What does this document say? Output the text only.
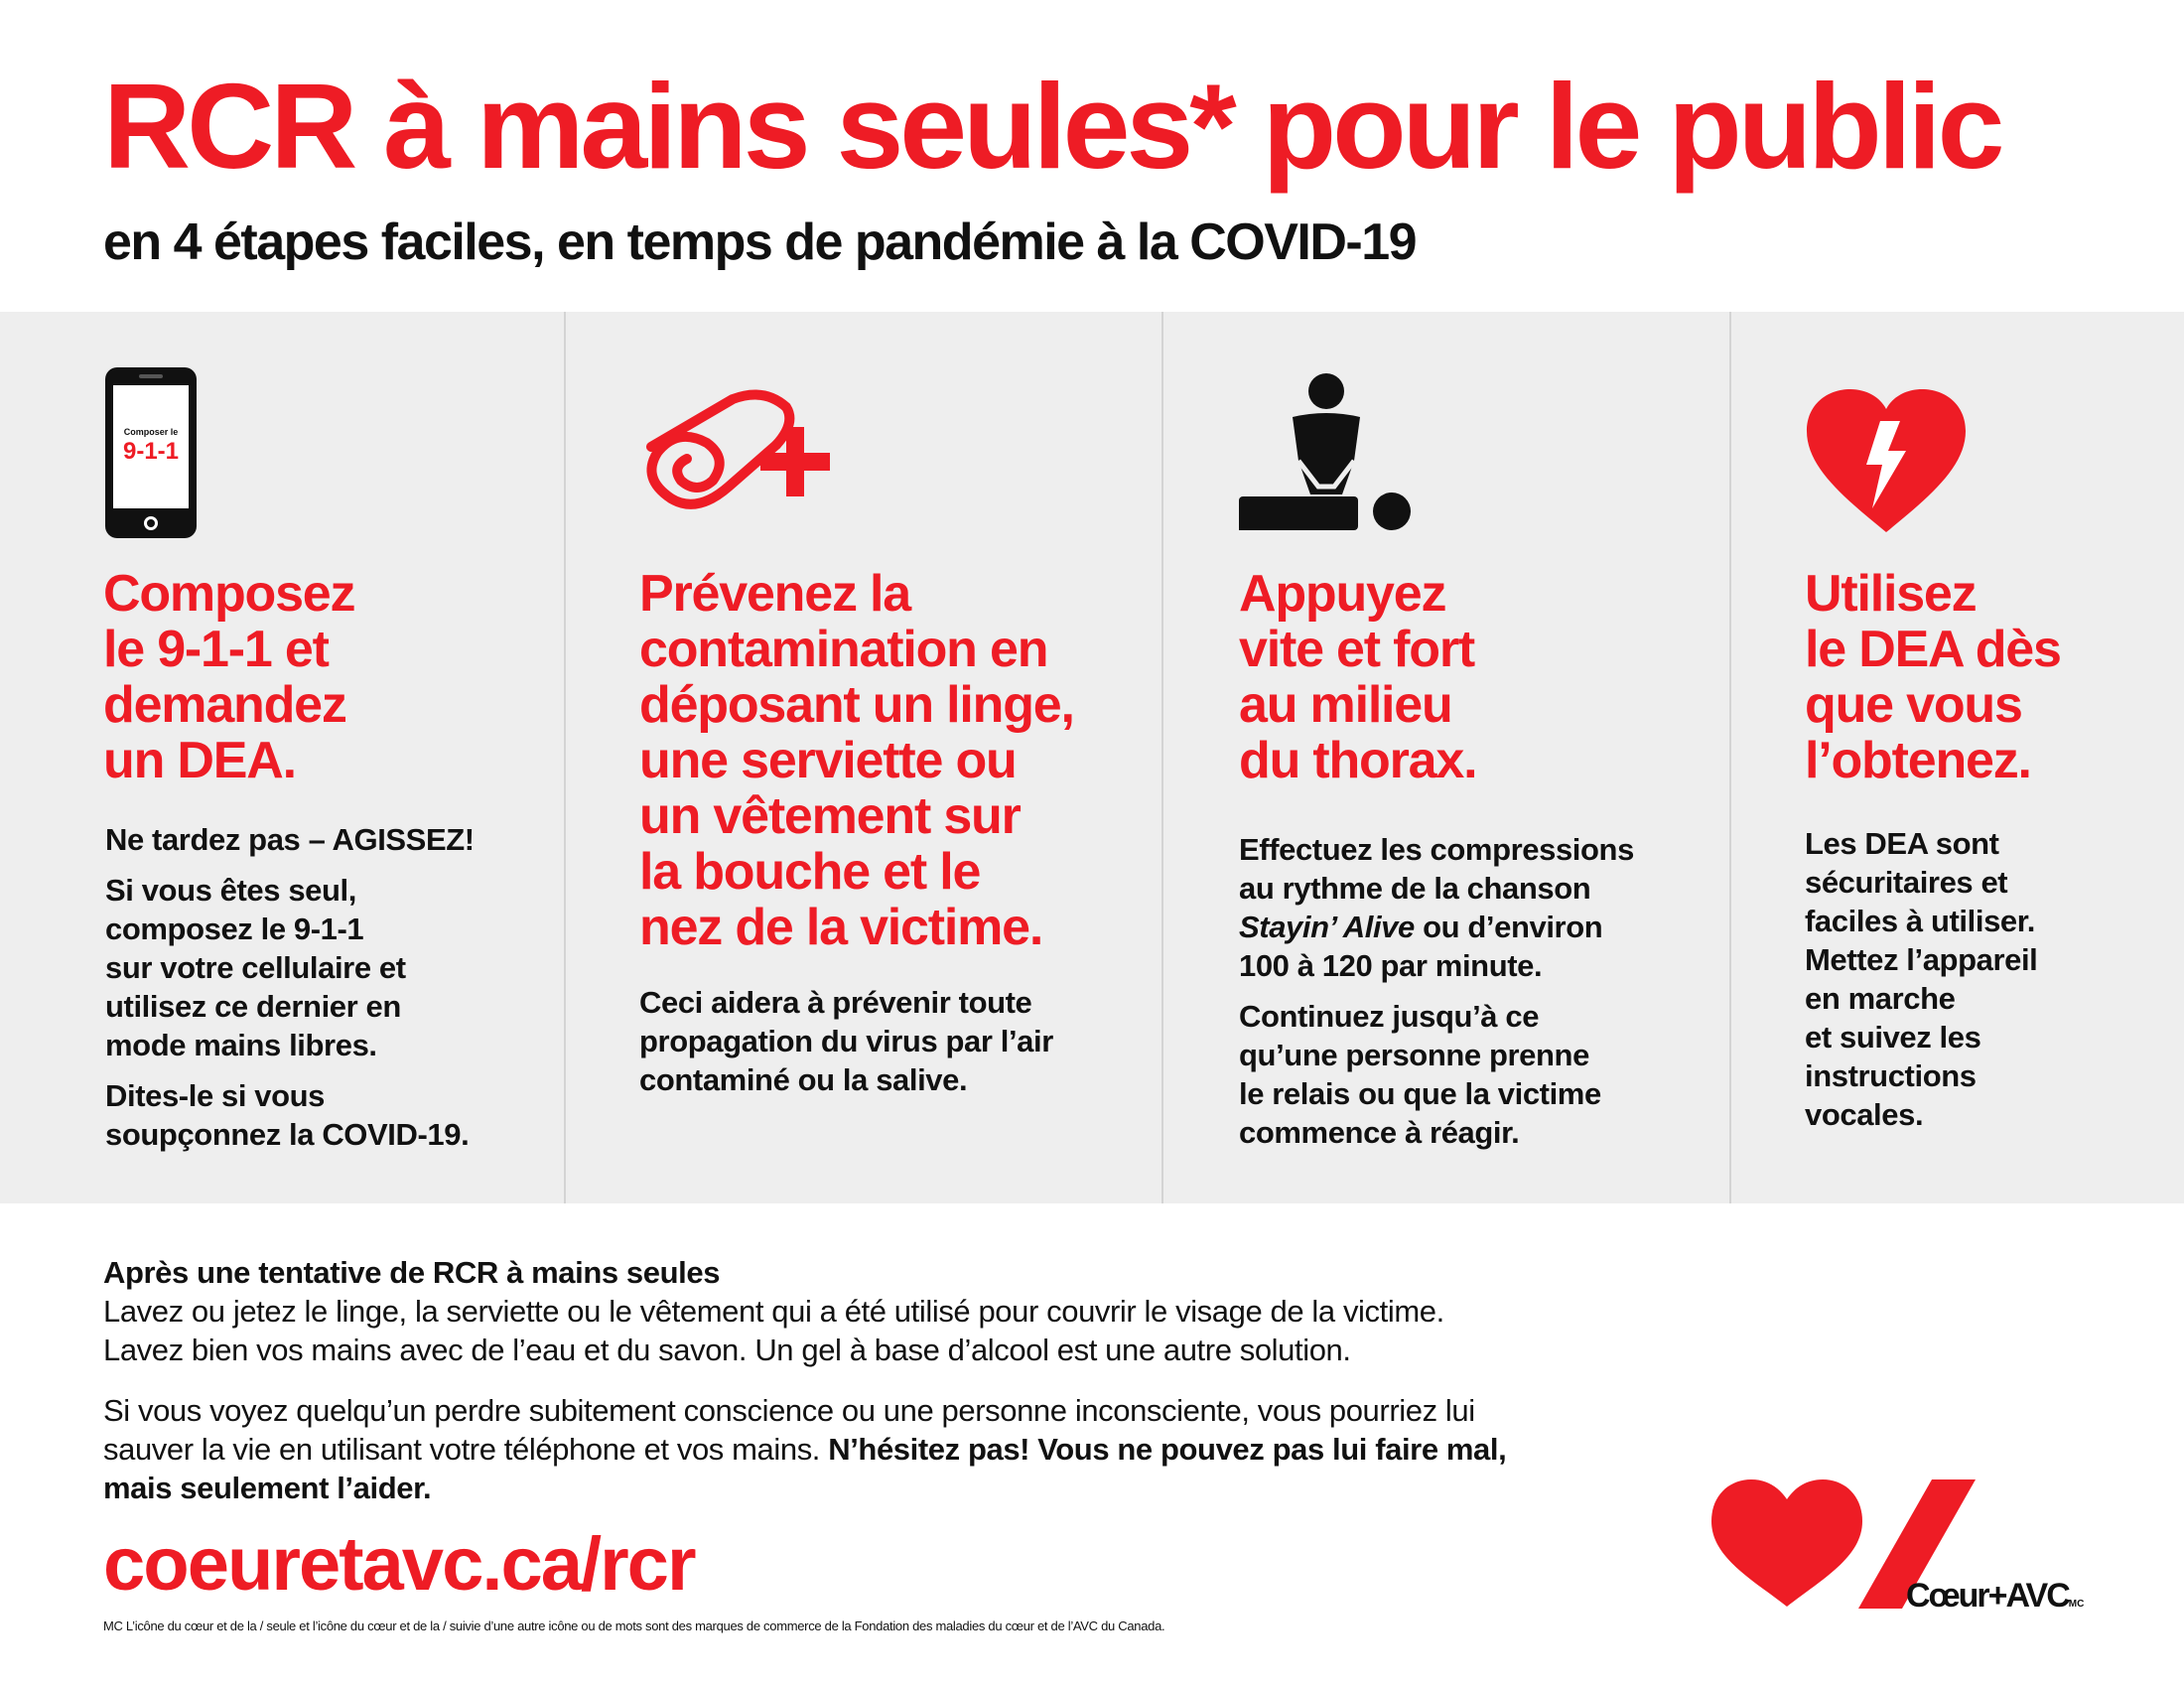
RCR à mains seules* pour le public
en 4 étapes faciles, en temps de pandémie à la COVID-19
Composer le
9-1-1
Composez
le 9-1-1 et
demandez
un DEA.

Ne tardez pas – AGISSEZ!

Si vous êtes seul,
composez le 9-1-1
sur votre cellulaire et
utilisez ce dernier en
mode mains libres.

Dites-le si vous
soupçonnez la COVID-19.

Prévenez la
contamination en
déposant un linge,
une serviette ou
un vêtement sur
la bouche et le
nez de la victime.

Ceci aidera à prévenir toute
propagation du virus par l’air
contaminé ou la salive.

Appuyez
vite et fort
au milieu
du thorax.

Effectuez les compressions
au rythme de la chanson
Stayin’ Alive ou d’environ
100 à 120 par minute.

Continuez jusqu’à ce
qu’une personne prenne
le relais ou que la victime
commence à réagir.

Utilisez
le DEA dès
que vous
l’obtenez.

Les DEA sont
sécuritaires et
faciles à utiliser.
Mettez l’appareil
en marche
et suivez les
instructions
vocales.

Après une tentative de RCR à mains seules

Lavez ou jetez le linge, la serviette ou le vêtement qui a été utilisé pour couvrir le visage de la victime.
Lavez bien vos mains avec de l’eau et du savon. Un gel à base d’alcool est une autre solution.

Si vous voyez quelqu’un perdre subitement conscience ou une personne inconsciente, vous pourriez lui
sauver la vie en utilisant votre téléphone et vos mains. N’hésitez pas! Vous ne pouvez pas lui faire mal,
mais seulement l’aider.

coeuretavc.ca/rcr
MC L’icône du cœur et de la / seule et l’icône du cœur et de la / suivie d’une autre icône ou de mots sont des marques de commerce de la Fondation des maladies du cœur et de l’AVC du Canada.
Cœur+AVCMC
